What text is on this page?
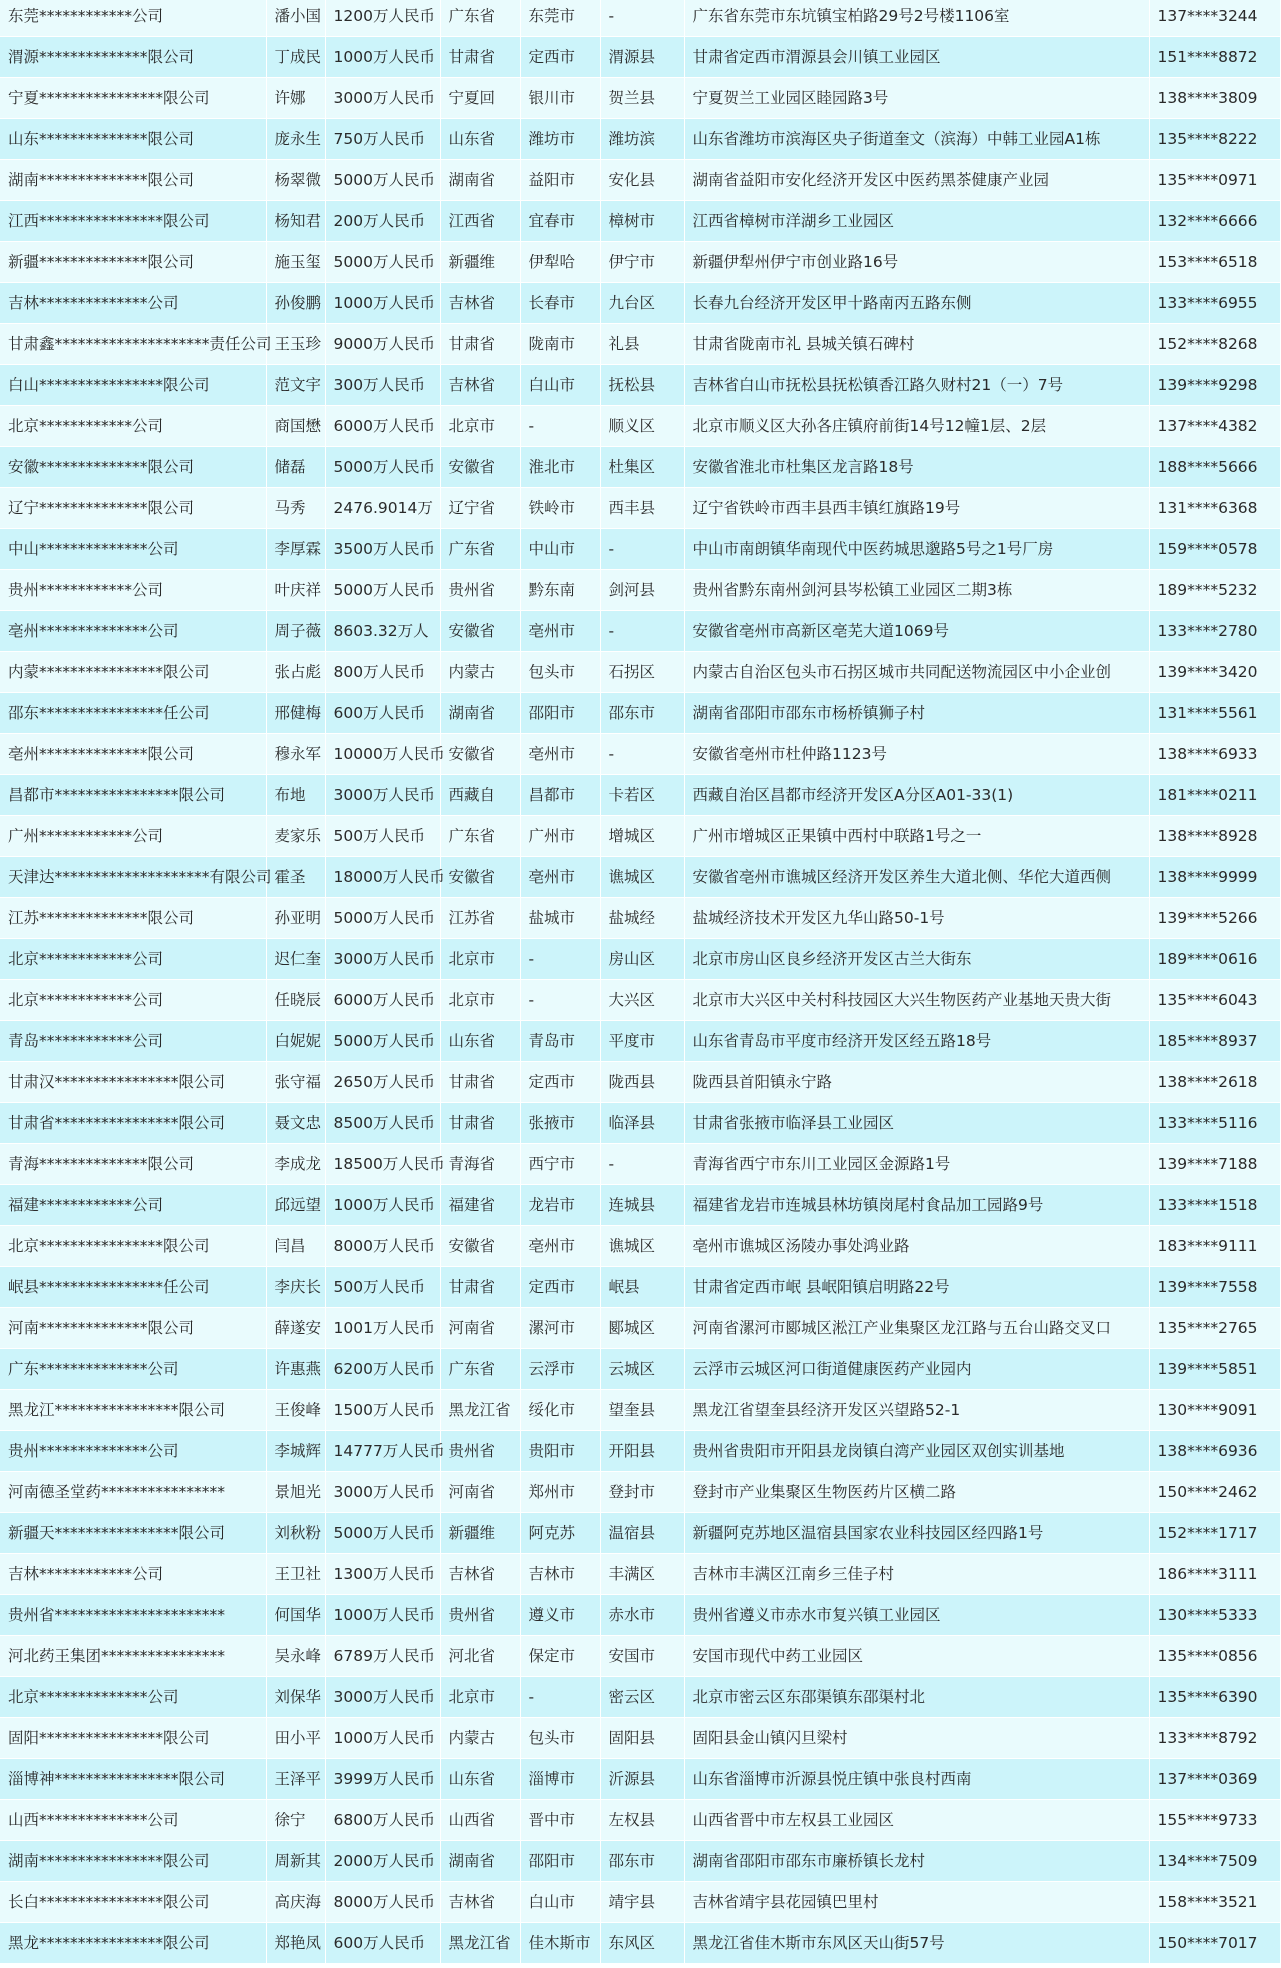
东莞************公司	潘小国	1200万人民币	广东省	东莞市	-	广东省东莞市东坑镇宝柏路29号2号楼1106室	137****3244
渭源**************限公司	丁成民	1000万人民币	甘肃省	定西市	渭源县	甘肃省定西市渭源县会川镇工业园区	151****8872
宁夏****************限公司	许娜	3000万人民币	宁夏回	银川市	贺兰县	宁夏贺兰工业园区睦园路3号	138****3809
山东**************限公司	庞永生	750万人民币	山东省	潍坊市	潍坊滨	山东省潍坊市滨海区央子街道奎文（滨海）中韩工业园A1栋	135****8222
湖南**************限公司	杨翠微	5000万人民币	湖南省	益阳市	安化县	湖南省益阳市安化经济开发区中医药黑茶健康产业园	135****0971
江西****************限公司	杨知君	200万人民币	江西省	宜春市	樟树市	江西省樟树市洋湖乡工业园区	132****6666
新疆**************限公司	施玉玺	5000万人民币	新疆维	伊犁哈	伊宁市	新疆伊犁州伊宁市创业路16号	153****6518
吉林**************公司	孙俊鹏	1000万人民币	吉林省	长春市	九台区	长春九台经济开发区甲十路南丙五路东侧	133****6955
甘肃鑫********************责任公司	王玉珍	9000万人民币	甘肃省	陇南市	礼县	甘肃省陇南市礼 县城关镇石碑村	152****8268
白山****************限公司	范文宇	300万人民币	吉林省	白山市	抚松县	吉林省白山市抚松县抚松镇香江路久财村21（一）7号	139****9298
北京************公司	商国懋	6000万人民币	北京市	-	顺义区	北京市顺义区大孙各庄镇府前街14号12幢1层、2层	137****4382
安徽**************限公司	储磊	5000万人民币	安徽省	淮北市	杜集区	安徽省淮北市杜集区龙言路18号	188****5666
辽宁**************限公司	马秀	2476.9014万	辽宁省	铁岭市	西丰县	辽宁省铁岭市西丰县西丰镇红旗路19号	131****6368
中山**************公司	李厚霖	3500万人民币	广东省	中山市	-	中山市南朗镇华南现代中医药城思邈路5号之1号厂房	159****0578
贵州************公司	叶庆祥	5000万人民币	贵州省	黔东南	剑河县	贵州省黔东南州剑河县岑松镇工业园区二期3栋	189****5232
亳州**************公司	周子薇	8603.32万人	安徽省	亳州市	-	安徽省亳州市高新区亳芜大道1069号	133****2780
内蒙****************限公司	张占彪	800万人民币	内蒙古	包头市	石拐区	内蒙古自治区包头市石拐区城市共同配送物流园区中小企业创	139****3420
邵东****************任公司	邢健梅	600万人民币	湖南省	邵阳市	邵东市	湖南省邵阳市邵东市杨桥镇狮子村	131****5561
亳州**************限公司	穆永军	10000万人民币	安徽省	亳州市	-	安徽省亳州市杜仲路1123号	138****6933
昌都市****************限公司	布地	3000万人民币	西藏自	昌都市	卡若区	西藏自治区昌都市经济开发区A分区A01-33(1)	181****0211
广州************公司	麦家乐	500万人民币	广东省	广州市	增城区	广州市增城区正果镇中西村中联路1号之一	138****8928
天津达********************有限公司	霍圣	18000万人民币	安徽省	亳州市	谯城区	安徽省亳州市谯城区经济开发区养生大道北侧、华佗大道西侧	138****9999
江苏**************限公司	孙亚明	5000万人民币	江苏省	盐城市	盐城经	盐城经济技术开发区九华山路50-1号	139****5266
北京************公司	迟仁奎	3000万人民币	北京市	-	房山区	北京市房山区良乡经济开发区古兰大街东	189****0616
北京************公司	任晓辰	6000万人民币	北京市	-	大兴区	北京市大兴区中关村科技园区大兴生物医药产业基地天贵大街	135****6043
青岛************公司	白妮妮	5000万人民币	山东省	青岛市	平度市	山东省青岛市平度市经济开发区经五路18号	185****8937
甘肃汉****************限公司	张守福	2650万人民币	甘肃省	定西市	陇西县	陇西县首阳镇永宁路	138****2618
甘肃省****************限公司	聂文忠	8500万人民币	甘肃省	张掖市	临泽县	甘肃省张掖市临泽县工业园区	133****5116
青海**************限公司	李成龙	18500万人民币	青海省	西宁市	-	青海省西宁市东川工业园区金源路1号	139****7188
福建************公司	邱远望	1000万人民币	福建省	龙岩市	连城县	福建省龙岩市连城县林坊镇岗尾村食品加工园路9号	133****1518
北京****************限公司	闫昌	8000万人民币	安徽省	亳州市	谯城区	亳州市谯城区汤陵办事处鸿业路	183****9111
岷县****************任公司	李庆长	500万人民币	甘肃省	定西市	岷县	甘肃省定西市岷 县岷阳镇启明路22号	139****7558
河南**************限公司	薛遂安	1001万人民币	河南省	漯河市	郾城区	河南省漯河市郾城区淞江产业集聚区龙江路与五台山路交叉口	135****2765
广东**************公司	许惠燕	6200万人民币	广东省	云浮市	云城区	云浮市云城区河口街道健康医药产业园内	139****5851
黑龙江****************限公司	王俊峰	1500万人民币	黑龙江省	绥化市	望奎县	黑龙江省望奎县经济开发区兴望路52-1	130****9091
贵州**************公司	李城辉	14777万人民币	贵州省	贵阳市	开阳县	贵州省贵阳市开阳县龙岗镇白湾产业园区双创实训基地	138****6936
河南德圣堂药****************	景旭光	3000万人民币	河南省	郑州市	登封市	登封市产业集聚区生物医药片区横二路	150****2462
新疆天****************限公司	刘秋粉	5000万人民币	新疆维	阿克苏	温宿县	新疆阿克苏地区温宿县国家农业科技园区经四路1号	152****1717
吉林************公司	王卫社	1300万人民币	吉林省	吉林市	丰满区	吉林市丰满区江南乡三佳子村	186****3111
贵州省**********************	何国华	1000万人民币	贵州省	遵义市	赤水市	贵州省遵义市赤水市复兴镇工业园区	130****5333
河北药王集团****************	吴永峰	6789万人民币	河北省	保定市	安国市	安国市现代中药工业园区	135****0856
北京**************公司	刘保华	3000万人民币	北京市	-	密云区	北京市密云区东邵渠镇东邵渠村北	135****6390
固阳****************限公司	田小平	1000万人民币	内蒙古	包头市	固阳县	固阳县金山镇闪旦梁村	133****8792
淄博神****************限公司	王泽平	3999万人民币	山东省	淄博市	沂源县	山东省淄博市沂源县悦庄镇中张良村西南	137****0369
山西**************公司	徐宁	6800万人民币	山西省	晋中市	左权县	山西省晋中市左权县工业园区	155****9733
湖南****************限公司	周新其	2000万人民币	湖南省	邵阳市	邵东市	湖南省邵阳市邵东市廉桥镇长龙村	134****7509
长白****************限公司	高庆海	8000万人民币	吉林省	白山市	靖宇县	吉林省靖宇县花园镇巴里村	158****3521
黑龙****************限公司	郑艳凤	600万人民币	黑龙江省	佳木斯市	东风区	黑龙江省佳木斯市东风区天山街57号	150****7017
